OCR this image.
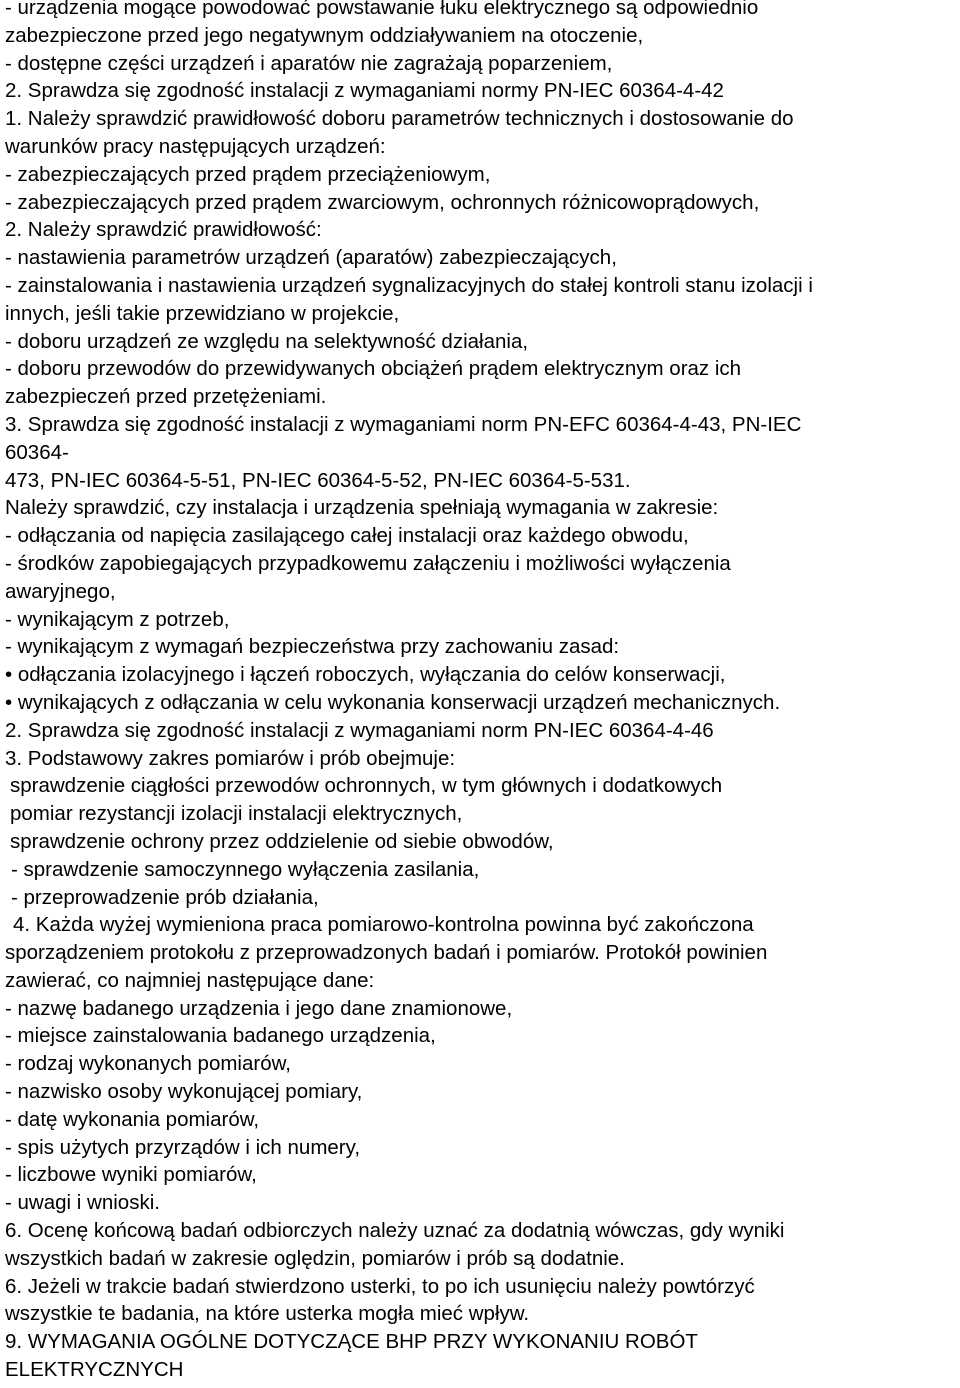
- urządzenia mogące powodować powstawanie łuku elektrycznego są odpowiednio

zabezpieczone przed jego negatywnym oddziaływaniem na otoczenie,

- dostępne części urządzeń i aparatów nie zagrażają poparzeniem,

2. Sprawdza się zgodność instalacji z wymaganiami normy PN-IEC 60364-4-42

1. Należy sprawdzić prawidłowość doboru parametrów technicznych i dostosowanie do

warunków pracy następujących urządzeń:

- zabezpieczających przed prądem przeciążeniowym,

- zabezpieczających przed prądem zwarciowym, ochronnych różnicowoprądowych,

2. Należy sprawdzić prawidłowość:

- nastawienia parametrów urządzeń (aparatów) zabezpieczających,

- zainstalowania i nastawienia urządzeń sygnalizacyjnych do stałej kontroli stanu izolacji i

innych, jeśli takie przewidziano w projekcie,

- doboru urządzeń ze względu na selektywność działania,

- doboru przewodów do przewidywanych obciążeń prądem elektrycznym oraz ich

zabezpieczeń przed przetężeniami.

3. Sprawdza się zgodność instalacji z wymaganiami norm PN-EFC 60364-4-43, PN-IEC

60364-

473, PN-IEC 60364-5-51, PN-IEC 60364-5-52, PN-IEC 60364-5-531.

Należy sprawdzić, czy instalacja i urządzenia spełniają wymagania w zakresie:

- odłączania od napięcia zasilającego całej instalacji oraz każdego obwodu,

- środków zapobiegających przypadkowemu załączeniu i możliwości wyłączenia

awaryjnego,

- wynikającym z potrzeb,

- wynikającym z wymagań bezpieczeństwa przy zachowaniu zasad:

• odłączania izolacyjnego i łączeń roboczych, wyłączania do celów konserwacji,

• wynikających z odłączania w celu wykonania konserwacji urządzeń mechanicznych.

2. Sprawdza się zgodność instalacji z wymaganiami norm PN-IEC 60364-4-46

3. Podstawowy zakres pomiarów i prób obejmuje:

sprawdzenie ciągłości przewodów ochronnych, w tym głównych i dodatkowych

pomiar rezystancji izolacji instalacji elektrycznych,

sprawdzenie ochrony przez oddzielenie od siebie obwodów,

- sprawdzenie samoczynnego wyłączenia zasilania,

- przeprowadzenie prób działania,

4. Każda wyżej wymieniona praca pomiarowo-kontrolna powinna być zakończona

sporządzeniem protokołu z przeprowadzonych badań i pomiarów. Protokół powinien

zawierać, co najmniej następujące dane:

- nazwę badanego urządzenia i jego dane znamionowe,

- miejsce zainstalowania badanego urządzenia,

- rodzaj wykonanych pomiarów,

- nazwisko osoby wykonującej pomiary,

- datę wykonania pomiarów,

- spis użytych przyrządów i ich numery,

- liczbowe wyniki pomiarów,

- uwagi i wnioski.

6. Ocenę końcową badań odbiorczych należy uznać za dodatnią wówczas, gdy wyniki

wszystkich badań w zakresie oględzin, pomiarów i prób są dodatnie.

6. Jeżeli w trakcie badań stwierdzono usterki, to po ich usunięciu należy powtórzyć

wszystkie te badania, na które usterka mogła mieć wpływ.

9. WYMAGANIA OGÓLNE DOTYCZĄCE BHP PRZY WYKONANIU ROBÓT

ELEKTRYCZNYCH
